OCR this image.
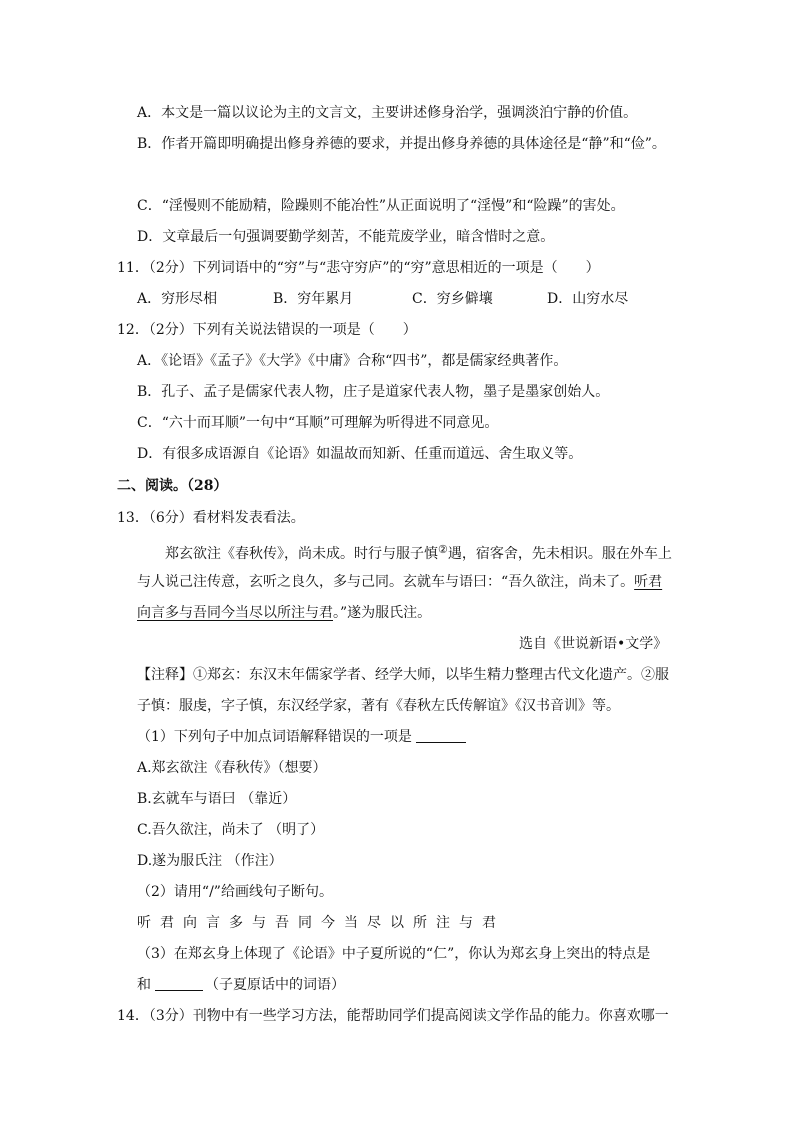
A．本文是一篇以议论为主的文言文，主要讲述修身治学，强调淡泊宁静的价值。
B．作者开篇即明确提出修身养德的要求，并提出修身养德的具体途径是“静”和“俭”。
C．“淫慢则不能励精，险躁则不能冶性”从正面说明了“淫慢”和“险躁”的害处。
D．文章最后一句强调要勤学刻苦，不能荒废学业，暗含惜时之意。
11．（2分）下列词语中的“穷”与“悲守穷庐”的“穷”意思相近的一项是（　　）
A．穷形尽相	B．穷年累月	C．穷乡僻壤	D．山穷水尽
12．（2分）下列有关说法错误的一项是（　　）
A．《论语》《孟子》《大学》《中庸》合称“四书”，都是儒家经典著作。
B．孔子、孟子是儒家代表人物，庄子是道家代表人物，墨子是墨家创始人。
C．“六十而耳顺”一句中“耳顺”可理解为听得进不同意见。
D．有很多成语源自《论语》如温故而知新、任重而道远、舍生取义等。
二、阅读。（28）
13．（6分）看材料发表看法。
郑玄欲注《春秋传》，尚未成。时行与服子慎②遇，宿客舍，先未相识。服在外车上
与人说己注传意，玄听之良久，多与己同。玄就车与语曰：“吾久欲注，尚未了。听君
向言多与吾同今当尽以所注与君。”遂为服氏注。
选自《世说新语•文学》
【注释】①郑玄：东汉末年儒家学者、经学大师，以毕生精力整理古代文化遗产。②服
子慎：服虔，字子慎，东汉经学家，著有《春秋左氏传解谊》《汉书音训》等。
（1）下列句子中加点词语解释错误的一项是
A.郑玄欲注《春秋传》（想要）
B.玄就车与语曰 （靠近）
C.吾久欲注，尚未了 （明了）
D.遂为服氏注 （作注）
（2）请用“/”给画线句子断句。
听君向言多与吾同今当尽以所注与君
（3）在郑玄身上体现了《论语》中子夏所说的“仁”，你认为郑玄身上突出的特点是
和	（子夏原话中的词语）
14．（3分）刊物中有一些学习方法，能帮助同学们提高阅读文学作品的能力。你喜欢哪一
